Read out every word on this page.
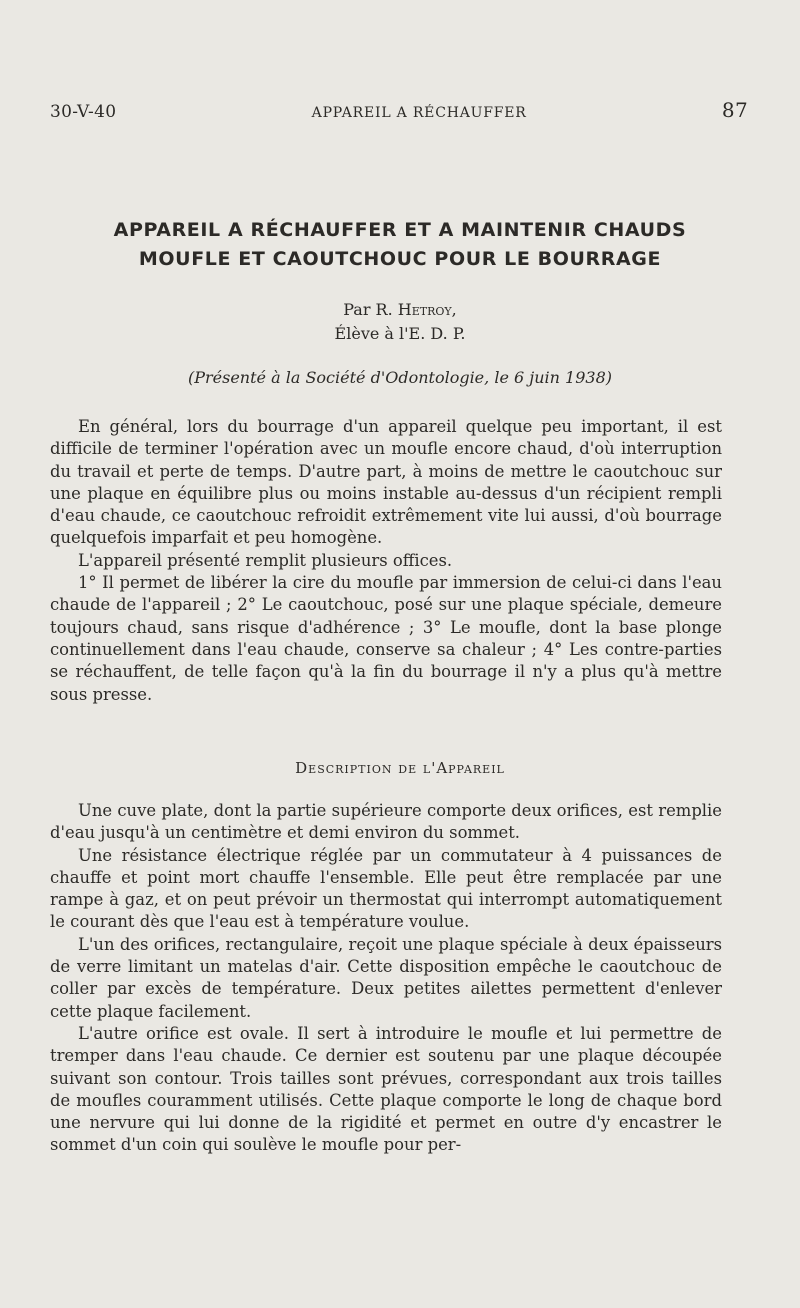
30-V-40	APPAREIL A RÉCHAUFFER	87
APPAREIL A RÉCHAUFFER ET A MAINTENIR CHAUDS
MOUFLE ET CAOUTCHOUC POUR LE BOURRAGE
Par R. Hetroy,
Élève à l'E. D. P.
(Présenté à la Société d'Odontologie, le 6 juin 1938)

En général, lors du bourrage d'un appareil quelque peu important, il est difficile de terminer l'opération avec un moufle encore chaud, d'où interruption du travail et perte de temps. D'autre part, à moins de mettre le caoutchouc sur une plaque en équilibre plus ou moins instable au-dessus d'un récipient rempli d'eau chaude, ce caoutchouc refroidit extrêmement vite lui aussi, d'où bourrage quelquefois imparfait et peu homogène.

L'appareil présenté remplit plusieurs offices.

1° Il permet de libérer la cire du moufle par immersion de celui-ci dans l'eau chaude de l'appareil ; 2° Le caoutchouc, posé sur une plaque spéciale, demeure toujours chaud, sans risque d'adhérence ; 3° Le moufle, dont la base plonge continuellement dans l'eau chaude, conserve sa chaleur ; 4° Les contre-parties se réchauffent, de telle façon qu'à la fin du bourrage il n'y a plus qu'à mettre sous presse.

Description de l'Appareil

Une cuve plate, dont la partie supérieure comporte deux orifices, est remplie d'eau jusqu'à un centimètre et demi environ du sommet.

Une résistance électrique réglée par un commutateur à 4 puissances de chauffe et point mort chauffe l'ensemble. Elle peut être remplacée par une rampe à gaz, et on peut prévoir un thermostat qui interrompt automatiquement le courant dès que l'eau est à température voulue.

L'un des orifices, rectangulaire, reçoit une plaque spéciale à deux épaisseurs de verre limitant un matelas d'air. Cette disposition empêche le caoutchouc de coller par excès de température. Deux petites ailettes permettent d'enlever cette plaque facilement.

L'autre orifice est ovale. Il sert à introduire le moufle et lui permettre de tremper dans l'eau chaude. Ce dernier est soutenu par une plaque découpée suivant son contour. Trois tailles sont prévues, correspondant aux trois tailles de moufles couramment utilisés. Cette plaque comporte le long de chaque bord une nervure qui lui donne de la rigidité et permet en outre d'y encastrer le sommet d'un coin qui soulève le moufle pour per-
